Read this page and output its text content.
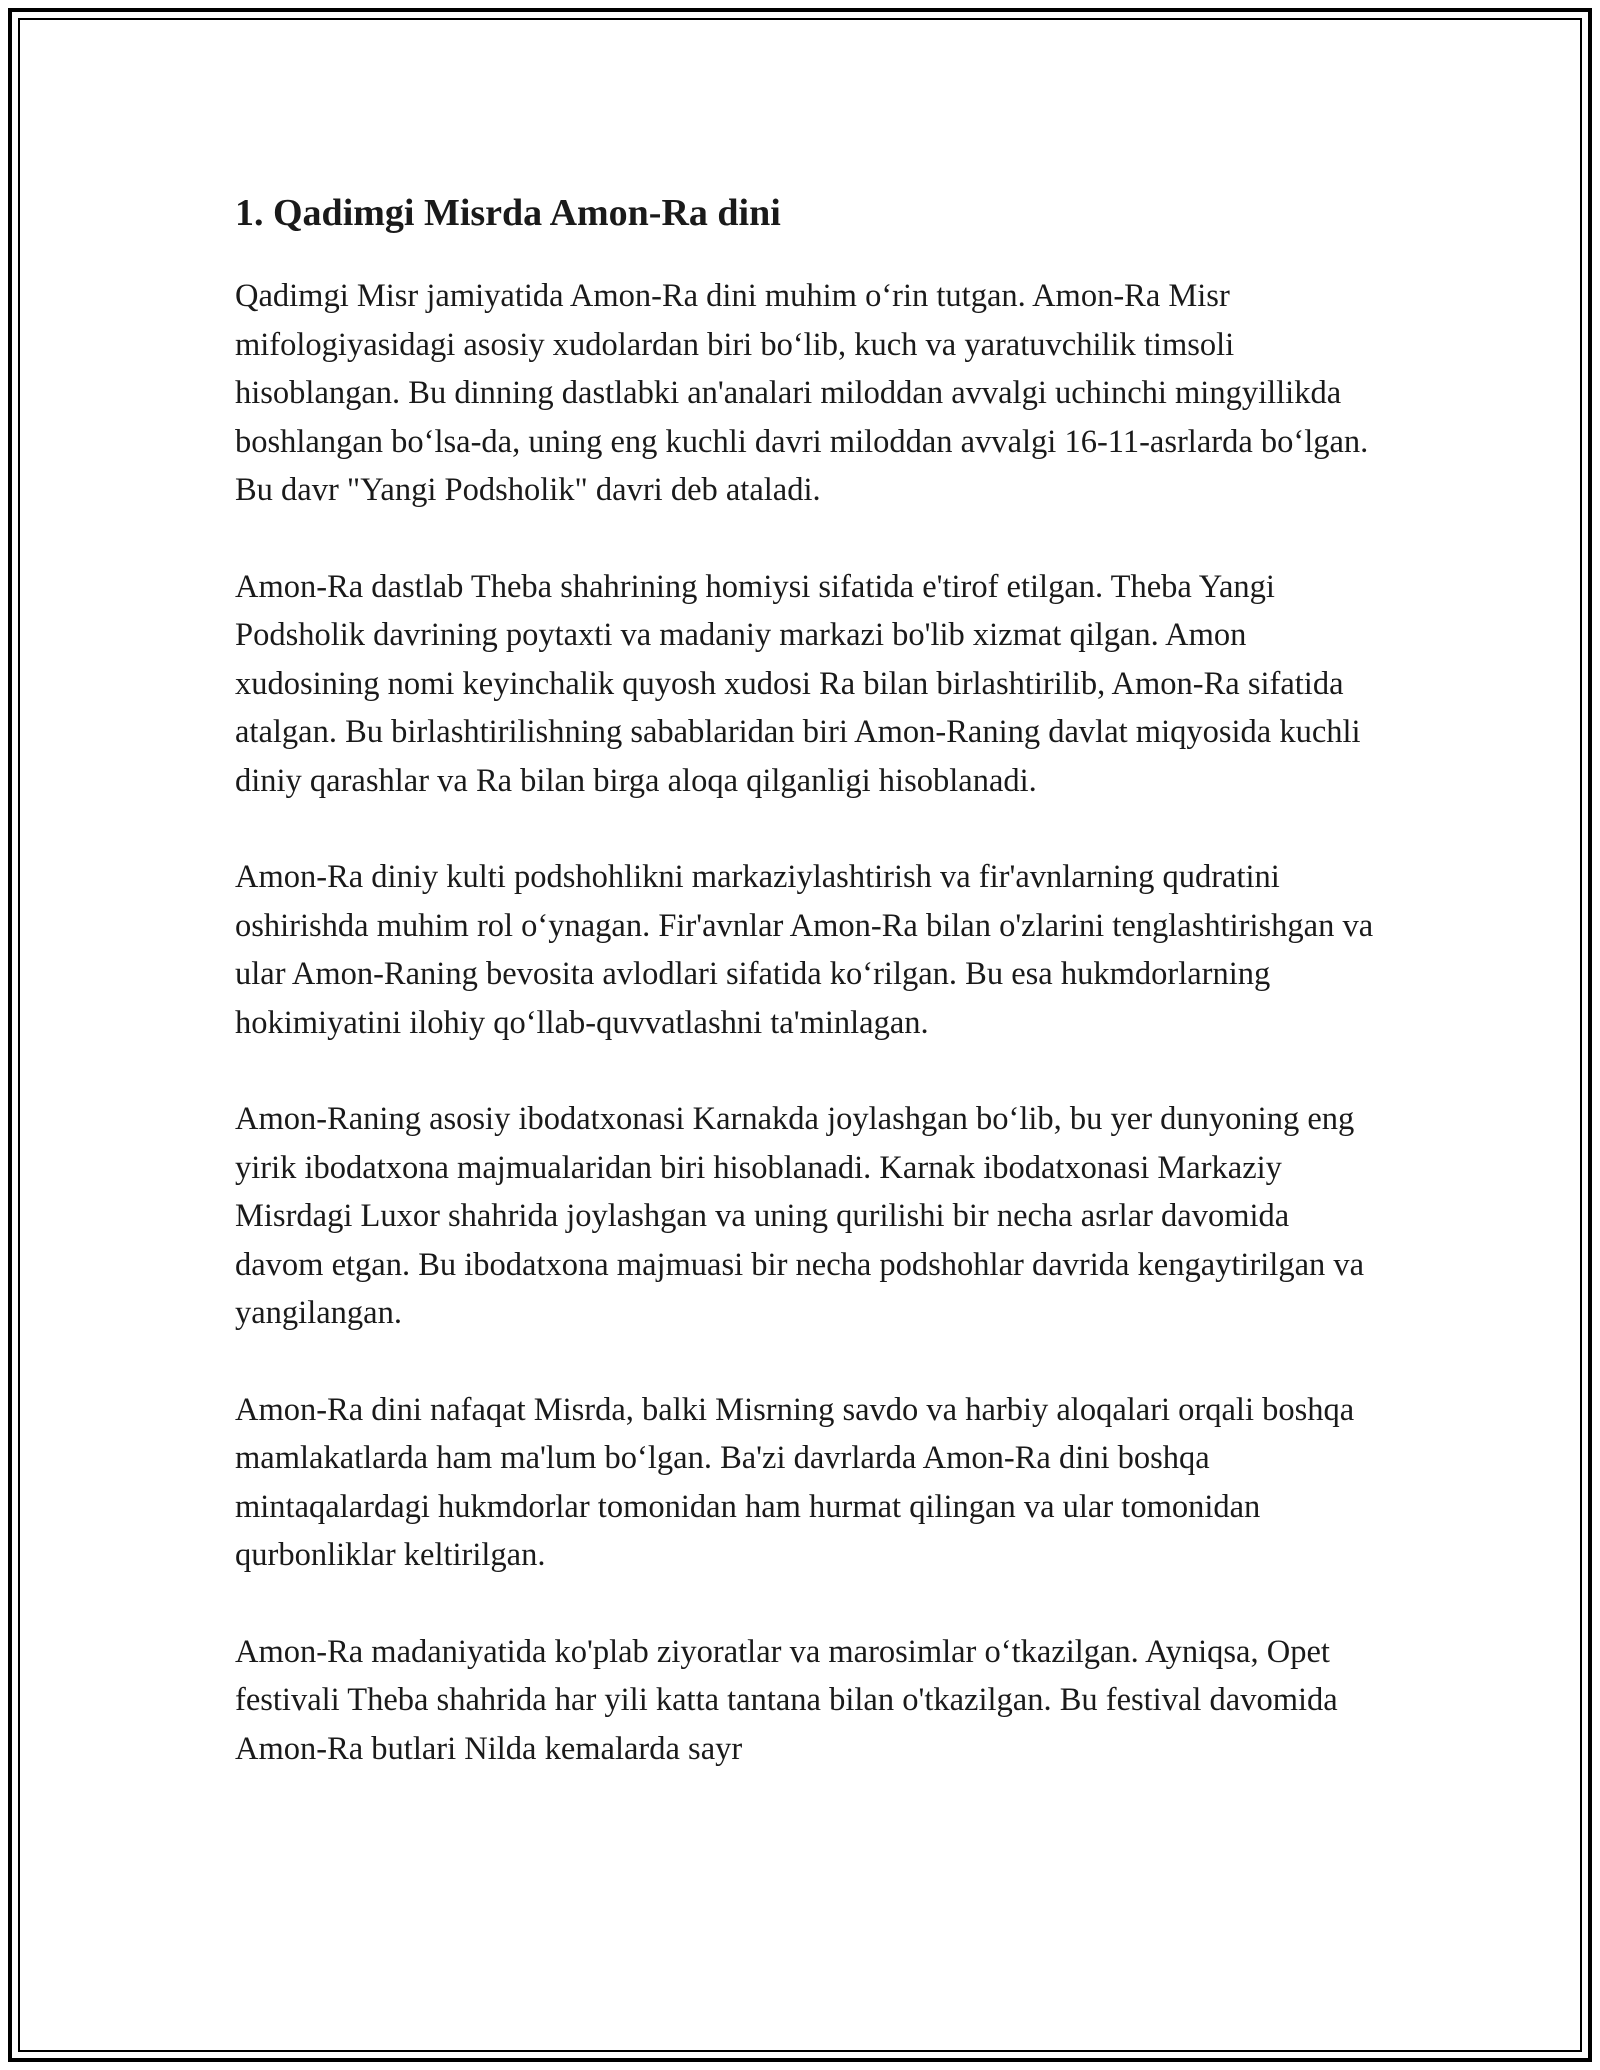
1. Qadimgi Misrda Amon-Ra dini

Qadimgi Misr jamiyatida Amon-Ra dini muhim o‘rin tutgan. Amon-Ra Misr mifologiyasidagi asosiy xudolardan biri bo‘lib, kuch va yaratuvchilik timsoli hisoblangan. Bu dinning dastlabki an'analari miloddan avvalgi uchinchi mingyillikda boshlangan bo‘lsa-da, uning eng kuchli davri miloddan avvalgi 16-11-asrlarda bo‘lgan. Bu davr "Yangi Podsholik" davri deb ataladi.

Amon-Ra dastlab Theba shahrining homiysi sifatida e'tirof etilgan. Theba Yangi Podsholik davrining poytaxti va madaniy markazi bo'lib xizmat qilgan. Amon xudosining nomi keyinchalik quyosh xudosi Ra bilan birlashtirilib, Amon-Ra sifatida atalgan. Bu birlashtirilishning sabablaridan biri Amon-Raning davlat miqyosida kuchli diniy qarashlar va Ra bilan birga aloqa qilganligi hisoblanadi.

Amon-Ra diniy kulti podshohlikni markaziylashtirish va fir'avnlarning qudratini oshirishda muhim rol o‘ynagan. Fir'avnlar Amon-Ra bilan o'zlarini tenglashtirishgan va ular Amon-Raning bevosita avlodlari sifatida ko‘rilgan. Bu esa hukmdorlarning hokimiyatini ilohiy qo‘llab-quvvatlashni ta'minlagan.

Amon-Raning asosiy ibodatxonasi Karnakda joylashgan bo‘lib, bu yer dunyoning eng yirik ibodatxona majmualaridan biri hisoblanadi. Karnak ibodatxonasi Markaziy Misrdagi Luxor shahrida joylashgan va uning qurilishi bir necha asrlar davomida davom etgan. Bu ibodatxona majmuasi bir necha podshohlar davrida kengaytirilgan va yangilangan.

Amon-Ra dini nafaqat Misrda, balki Misrning savdo va harbiy aloqalari orqali boshqa mamlakatlarda ham ma'lum bo‘lgan. Ba'zi davrlarda Amon-Ra dini boshqa mintaqalardagi hukmdorlar tomonidan ham hurmat qilingan va ular tomonidan qurbonliklar keltirilgan.

Amon-Ra madaniyatida ko'plab ziyoratlar va marosimlar o‘tkazilgan. Ayniqsa, Opet festivali Theba shahrida har yili katta tantana bilan o'tkazilgan. Bu festival davomida Amon-Ra butlari Nilda kemalarda sayr
